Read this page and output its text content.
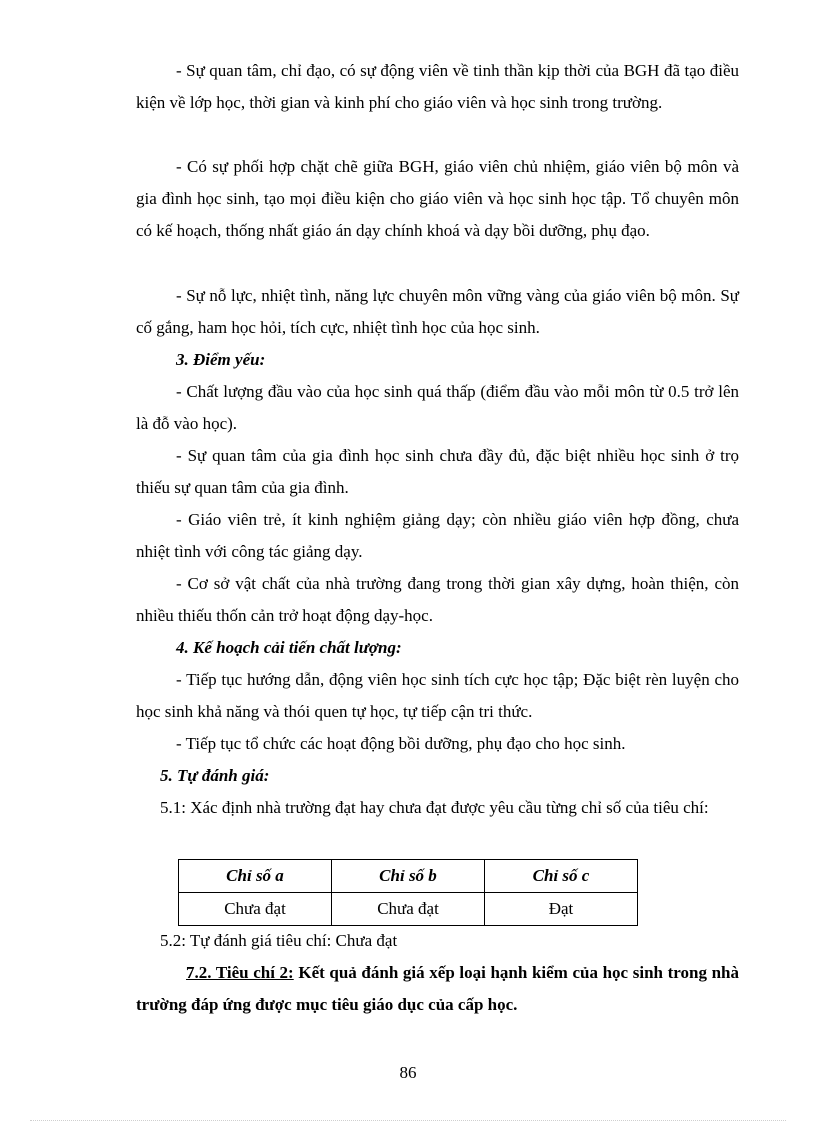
- Sự quan tâm, chỉ đạo, có sự động viên về tinh thần kịp thời của BGH đã tạo điều kiện về lớp học, thời gian và kinh phí cho giáo viên và học sinh trong trường.
- Có sự phối hợp chặt chẽ giữa BGH, giáo viên chủ nhiệm, giáo viên bộ môn và gia đình học sinh, tạo mọi điều kiện cho giáo viên và học sinh học tập. Tổ chuyên môn có kế hoạch, thống nhất giáo án dạy chính khoá và dạy bồi dưỡng, phụ đạo.
- Sự nỗ lực, nhiệt tình, năng lực chuyên môn vững vàng của giáo viên bộ môn. Sự cố gắng, ham học hỏi, tích cực, nhiệt tình học của học sinh.
3. Điểm yếu:
- Chất lượng đầu vào của học sinh quá thấp (điểm đầu vào mỗi môn từ 0.5 trở lên là đỗ vào học).
- Sự quan tâm của gia đình học sinh chưa đầy đủ, đặc biệt nhiều học sinh ở trọ thiếu sự quan tâm của gia đình.
- Giáo viên trẻ, ít kinh nghiệm giảng dạy; còn nhiều giáo viên hợp đồng, chưa nhiệt tình với công tác giảng dạy.
- Cơ sở vật chất của nhà trường đang trong thời gian xây dựng, hoàn thiện, còn nhiều thiếu thốn cản trở hoạt động dạy-học.
4. Kế hoạch cải tiến chất lượng:
- Tiếp tục hướng dẫn, động viên học sinh tích cực học tập; Đặc biệt rèn luyện cho học sinh khả năng và thói quen tự học, tự tiếp cận tri thức.
- Tiếp tục tổ chức các hoạt động bồi dưỡng, phụ đạo cho học sinh.
5. Tự đánh giá:
5.1: Xác định nhà trường đạt hay chưa đạt được yêu cầu từng chỉ số của tiêu chí:
Chỉ số a	Chỉ số b	Chỉ số c
Chưa đạt	Chưa đạt	Đạt
5.2: Tự đánh giá tiêu chí: Chưa đạt
7.2. Tiêu chí 2: Kết quả đánh giá xếp loại hạnh kiểm của học sinh trong nhà trường đáp ứng được mục tiêu giáo dục của cấp học.
86
